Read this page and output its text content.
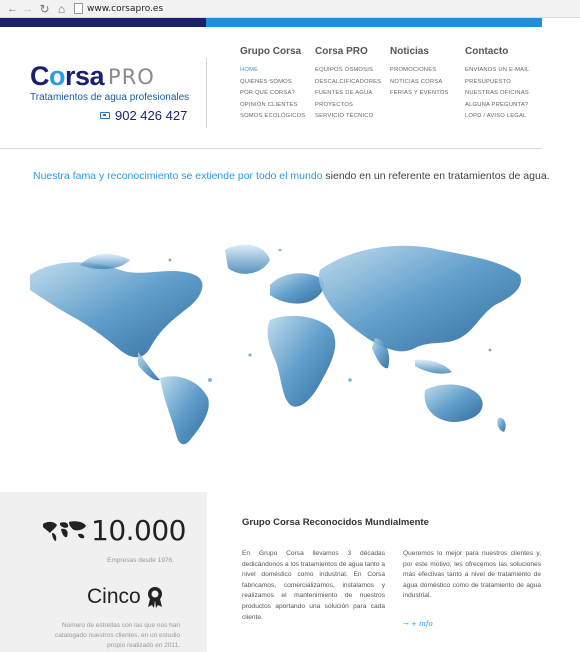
← → ↻ ⌂	www.corsapro.es
Corsa PRO
Tratamientos de agua profesionales
902 426 427
Grupo Corsa
HOME
QUIÉNES SOMOS
POR QUÉ CORSA?
OPINIÓN CLIENTES
SOMOS ECOLÓGICOS
Corsa PRO
EQUIPOS ÓSMOSIS
DESCALCIFICADORES
FUENTES DE AGUA
PROYECTOS
SERVICIO TÉCNICO
Noticias
PROMOCIONES
NOTICIAS CORSA
FERIAS Y EVENTOS
Contacto
ENVÍANOS UN E-MAIL
PRESUPUESTO
NUESTRAS OFICINAS
ALGUNA PREGUNTA?
LOPD / AVISO LEGAL
Nuestra fama y reconocimiento se extiende por todo el mundo siendo en un referente en tratamientos de agua.
10.000
Empresas desde 1976.
Cinco
Número de estrellas con las que nos han catalogado nuestros clientes, en un estudio propio realizado en 2011.
Grupo Corsa Reconocidos Mundialmente
En Grupo Corsa llevamos 3 décadas dedicándonos a los tratamientos de agua tanto a nivel doméstico como industrial. En Corsa fabricamos, comercializamos, instalamos y realizamos el mantenimiento de nuestros productos aportando una solución para cada cliente.
Queremos lo mejor para nuestros clientes y, por este motivo, les ofrecemos las soluciones más efectivas tanto a nivel de tratamiento de agua doméstico como de tratamiento de agua industrial.
→ + info
